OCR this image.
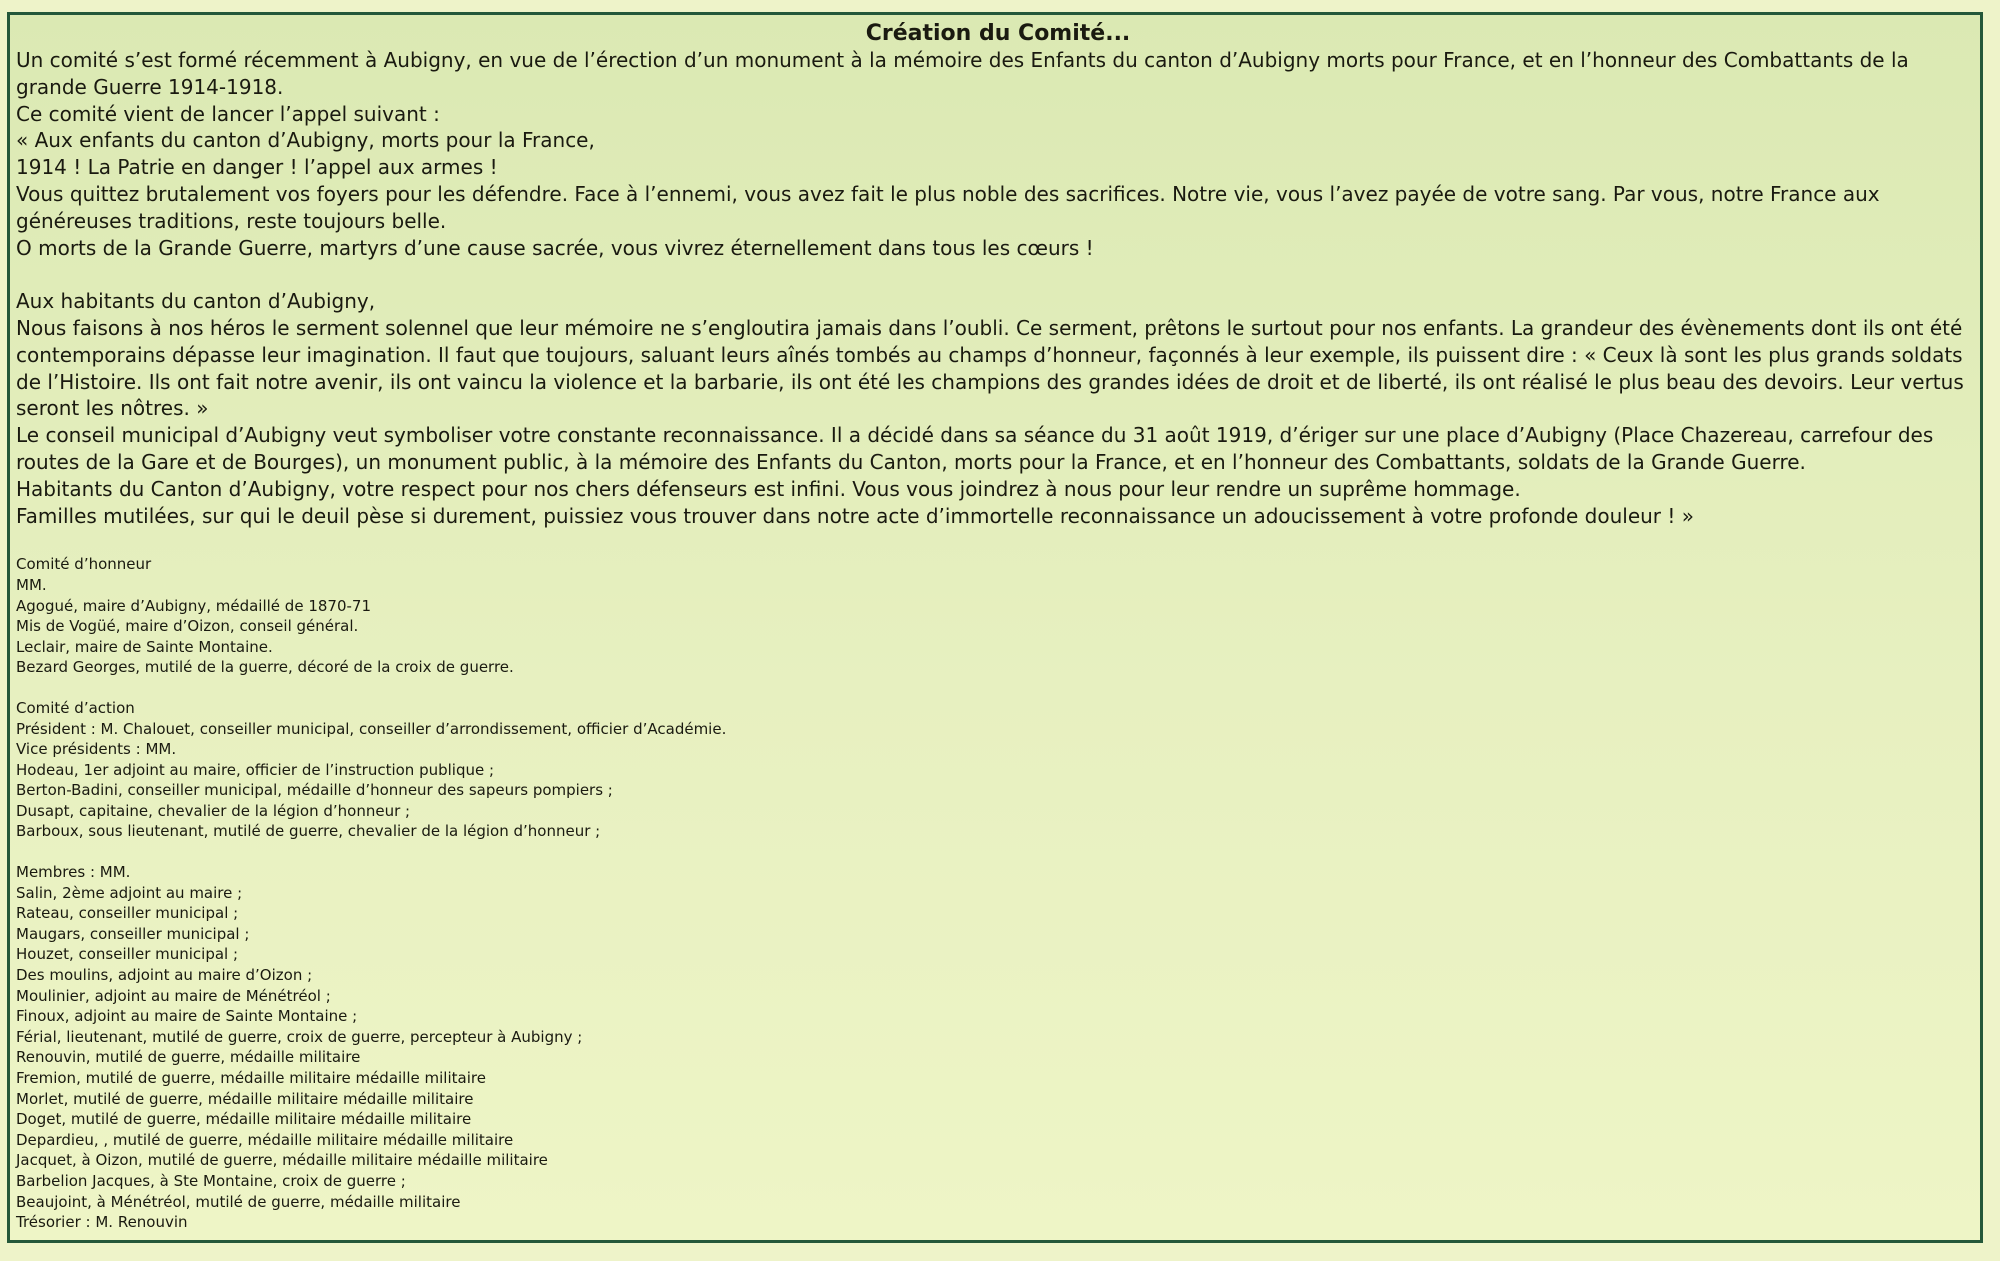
Création du Comité...

Un comité s’est formé récemment à Aubigny, en vue de l’érection d’un monument à la mémoire des Enfants du canton d’Aubigny morts pour France, et en l’honneur des Combattants de la grande Guerre 1914-1918.

Ce comité vient de lancer l’appel suivant :

« Aux enfants du canton d’Aubigny, morts pour la France,

1914 ! La Patrie en danger ! l’appel aux armes !

Vous quittez brutalement vos foyers pour les défendre. Face à l’ennemi, vous avez fait le plus noble des sacrifices. Notre vie, vous l’avez payée de votre sang. Par vous, notre France aux généreuses traditions, reste toujours belle.

O morts de la Grande Guerre, martyrs d’une cause sacrée, vous vivrez éternellement dans tous les cœurs !

Aux habitants du canton d’Aubigny,

Nous faisons à nos héros le serment solennel que leur mémoire ne s’engloutira jamais dans l’oubli. Ce serment, prêtons le surtout pour nos enfants. La grandeur des évènements dont ils ont été contemporains dépasse leur imagination. Il faut que toujours, saluant leurs aînés tombés au champs d’honneur, façonnés à leur exemple, ils puissent dire : « Ceux là sont les plus grands soldats de l’Histoire. Ils ont fait notre avenir, ils ont vaincu la violence et la barbarie, ils ont été les champions des grandes idées de droit et de liberté, ils ont réalisé le plus beau des devoirs. Leur vertus seront les nôtres. »

Le conseil municipal d’Aubigny veut symboliser votre constante reconnaissance. Il a décidé dans sa séance du 31 août 1919, d’ériger sur une place d’Aubigny (Place Chazereau, carrefour des routes de la Gare et de Bourges), un monument public, à la mémoire des Enfants du Canton, morts pour la France, et en l’honneur des Combattants, soldats de la Grande Guerre.

Habitants du Canton d’Aubigny, votre respect pour nos chers défenseurs est infini. Vous vous joindrez à nous pour leur rendre un suprême hommage.

Familles mutilées, sur qui le deuil pèse si durement, puissiez vous trouver dans notre acte d’immortelle reconnaissance un adoucissement à votre profonde douleur ! »

Comité d’honneur

MM.

Agogué, maire d’Aubigny, médaillé de 1870-71

Mis de Vogüé, maire d’Oizon, conseil général.

Leclair, maire de Sainte Montaine.

Bezard Georges, mutilé de la guerre, décoré de la croix de guerre.

Comité d’action

Président : M. Chalouet, conseiller municipal, conseiller d’arrondissement, officier d’Académie.

Vice présidents : MM.

Hodeau, 1er adjoint au maire, officier de l’instruction publique ;

Berton-Badini, conseiller municipal, médaille d’honneur des sapeurs pompiers ;

Dusapt, capitaine, chevalier de la légion d’honneur ;

Barboux, sous lieutenant, mutilé de guerre, chevalier de la légion d’honneur ;

Membres : MM.

Salin, 2ème adjoint au maire ;

Rateau, conseiller municipal ;

Maugars, conseiller municipal ;

Houzet, conseiller municipal ;

Des moulins, adjoint au maire d’Oizon ;

Moulinier, adjoint au maire de Ménétréol ;

Finoux, adjoint au maire de Sainte Montaine ;

Férial, lieutenant, mutilé de guerre, croix de guerre, percepteur à Aubigny ;

Renouvin, mutilé de guerre, médaille militaire

Fremion, mutilé de guerre, médaille militaire médaille militaire

Morlet, mutilé de guerre, médaille militaire médaille militaire

Doget, mutilé de guerre, médaille militaire médaille militaire

Depardieu, , mutilé de guerre, médaille militaire médaille militaire

Jacquet, à Oizon, mutilé de guerre, médaille militaire médaille militaire

Barbelion Jacques, à Ste Montaine, croix de guerre ;

Beaujoint, à Ménétréol, mutilé de guerre, médaille militaire

Trésorier : M. Renouvin
